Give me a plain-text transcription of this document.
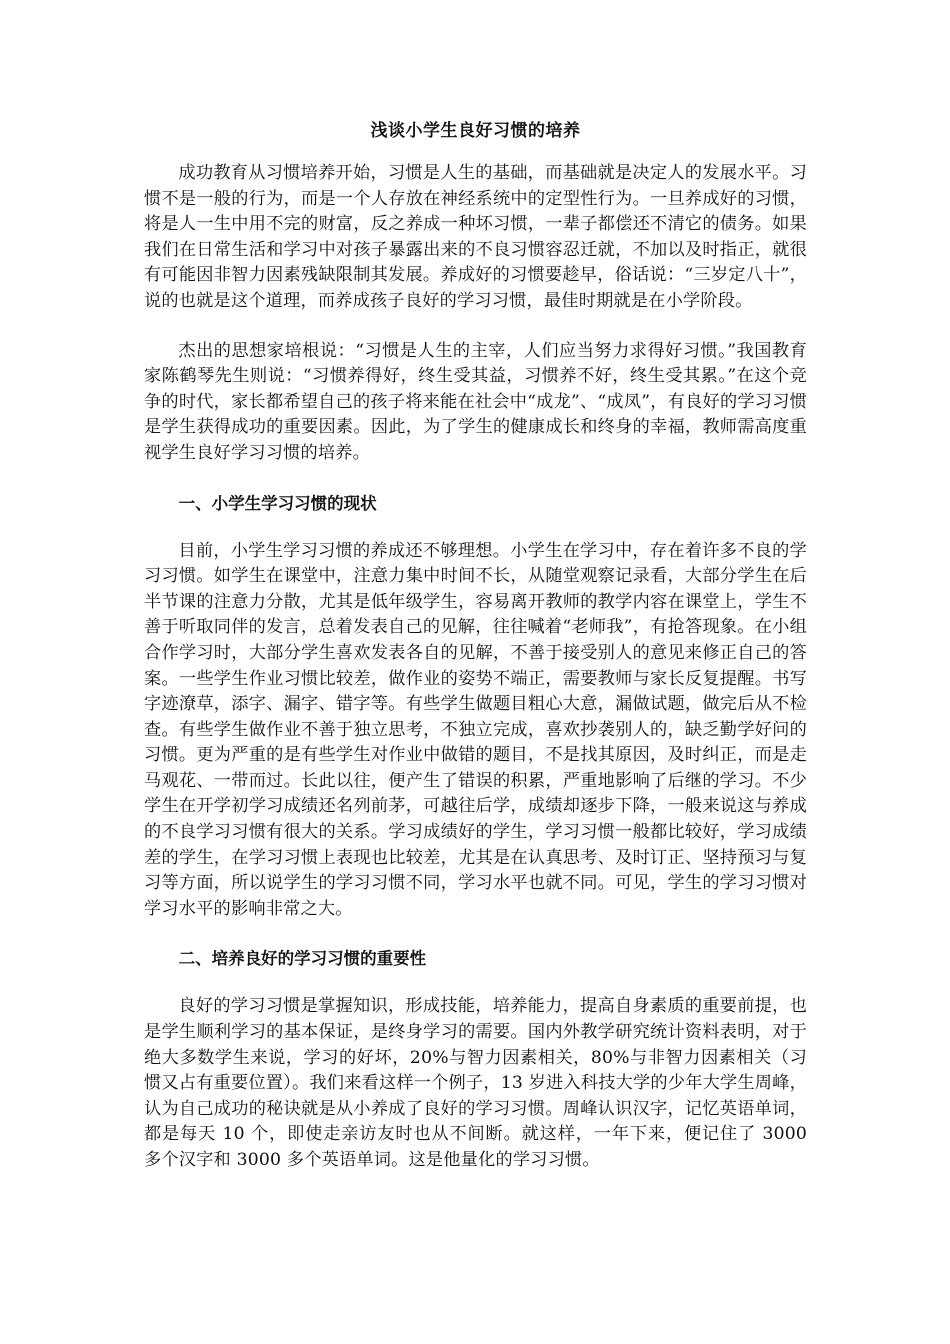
浅谈小学生良好习惯的培养

成功教育从习惯培养开始，习惯是人生的基础，而基础就是决定人的发展水平。习惯不是一般的行为，而是一个人存放在神经系统中的定型性行为。一旦养成好的习惯，将是人一生中用不完的财富，反之养成一种坏习惯，一辈子都偿还不清它的债务。如果我们在日常生活和学习中对孩子暴露出来的不良习惯容忍迁就，不加以及时指正，就很有可能因非智力因素残缺限制其发展。养成好的习惯要趁早，俗话说：“三岁定八十”，说的也就是这个道理，而养成孩子良好的学习习惯，最佳时期就是在小学阶段。

杰出的思想家培根说：“习惯是人生的主宰，人们应当努力求得好习惯。”我国教育家陈鹤琴先生则说：“习惯养得好，终生受其益，习惯养不好，终生受其累。”在这个竞争的时代，家长都希望自己的孩子将来能在社会中“成龙”、“成凤”，有良好的学习习惯是学生获得成功的重要因素。因此，为了学生的健康成长和终身的幸福，教师需高度重视学生良好学习习惯的培养。

一、小学生学习习惯的现状

目前，小学生学习习惯的养成还不够理想。小学生在学习中，存在着许多不良的学习习惯。如学生在课堂中，注意力集中时间不长，从随堂观察记录看，大部分学生在后半节课的注意力分散，尤其是低年级学生，容易离开教师的教学内容在课堂上，学生不善于听取同伴的发言，总着发表自己的见解，往往喊着“老师我”，有抢答现象。在小组合作学习时，大部分学生喜欢发表各自的见解，不善于接受别人的意见来修正自己的答案。一些学生作业习惯比较差，做作业的姿势不端正，需要教师与家长反复提醒。书写字迹潦草，添字、漏字、错字等。有些学生做题目粗心大意，漏做试题，做完后从不检查。有些学生做作业不善于独立思考，不独立完成，喜欢抄袭别人的，缺乏勤学好问的习惯。更为严重的是有些学生对作业中做错的题目，不是找其原因，及时纠正，而是走马观花、一带而过。长此以往，便产生了错误的积累，严重地影响了后继的学习。不少学生在开学初学习成绩还名列前茅，可越往后学，成绩却逐步下降，一般来说这与养成的不良学习习惯有很大的关系。学习成绩好的学生，学习习惯一般都比较好，学习成绩差的学生，在学习习惯上表现也比较差，尤其是在认真思考、及时订正、坚持预习与复习等方面，所以说学生的学习习惯不同，学习水平也就不同。可见，学生的学习习惯对学习水平的影响非常之大。

二、培养良好的学习习惯的重要性

良好的学习习惯是掌握知识，形成技能，培养能力，提高自身素质的重要前提，也是学生顺利学习的基本保证，是终身学习的需要。国内外教学研究统计资料表明，对于绝大多数学生来说，学习的好坏，20%与智力因素相关，80%与非智力因素相关（习惯又占有重要位置）。我们来看这样一个例子，13 岁进入科技大学的少年大学生周峰，认为自己成功的秘诀就是从小养成了良好的学习习惯。周峰认识汉字，记忆英语单词，都是每天 10 个，即使走亲访友时也从不间断。就这样，一年下来，便记住了 3000 多个汉字和 3000 多个英语单词。这是他量化的学习习惯。
